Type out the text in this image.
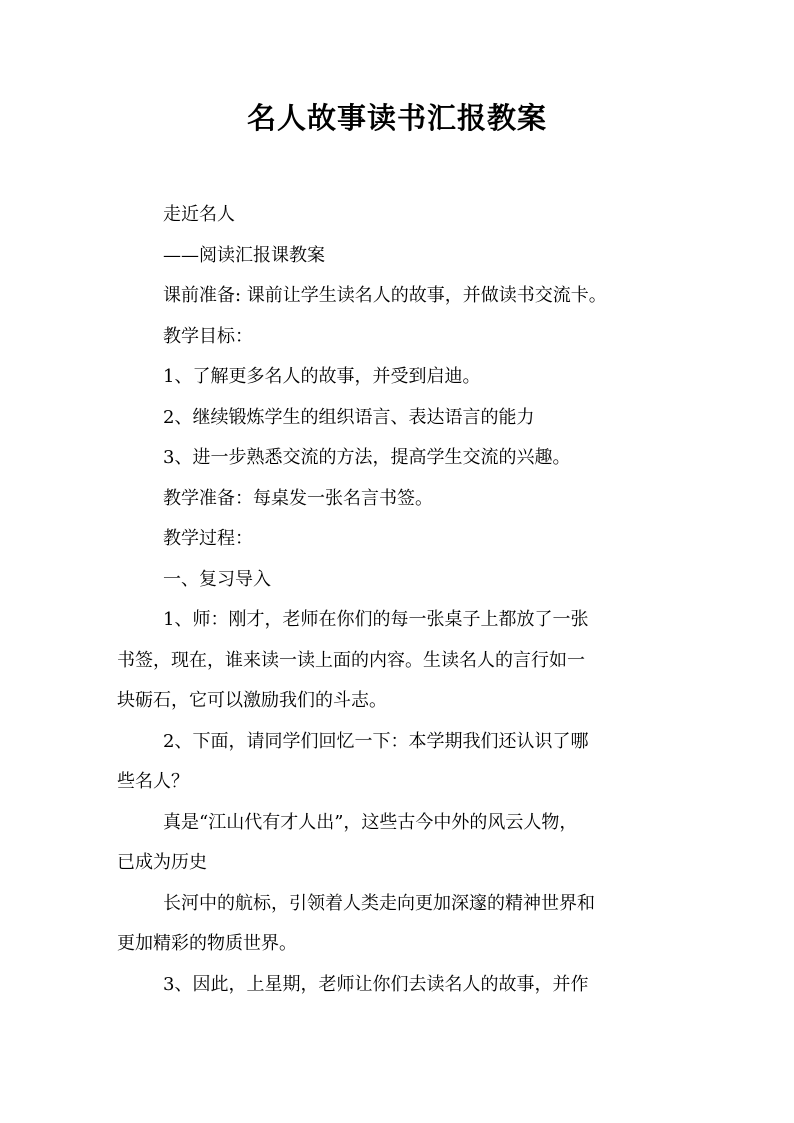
名人故事读书汇报教案
走近名人
——阅读汇报课教案
课前准备: 课前让学生读名人的故事，并做读书交流卡。
教学目标：
1、了解更多名人的故事，并受到启迪。
2、继续锻炼学生的组织语言、表达语言的能力
3、进一步熟悉交流的方法，提高学生交流的兴趣。
教学准备：每桌发一张名言书签。
教学过程：
一、复习导入
1、师：刚才，老师在你们的每一张桌子上都放了一张
书签，现在，谁来读一读上面的内容。生读名人的言行如一
块砺石，它可以激励我们的斗志。
2、下面，请同学们回忆一下：本学期我们还认识了哪
些名人？
真是“江山代有才人出”，这些古今中外的风云人物，
已成为历史
长河中的航标，引领着人类走向更加深邃的精神世界和
更加精彩的物质世界。
3、因此，上星期，老师让你们去读名人的故事，并作
